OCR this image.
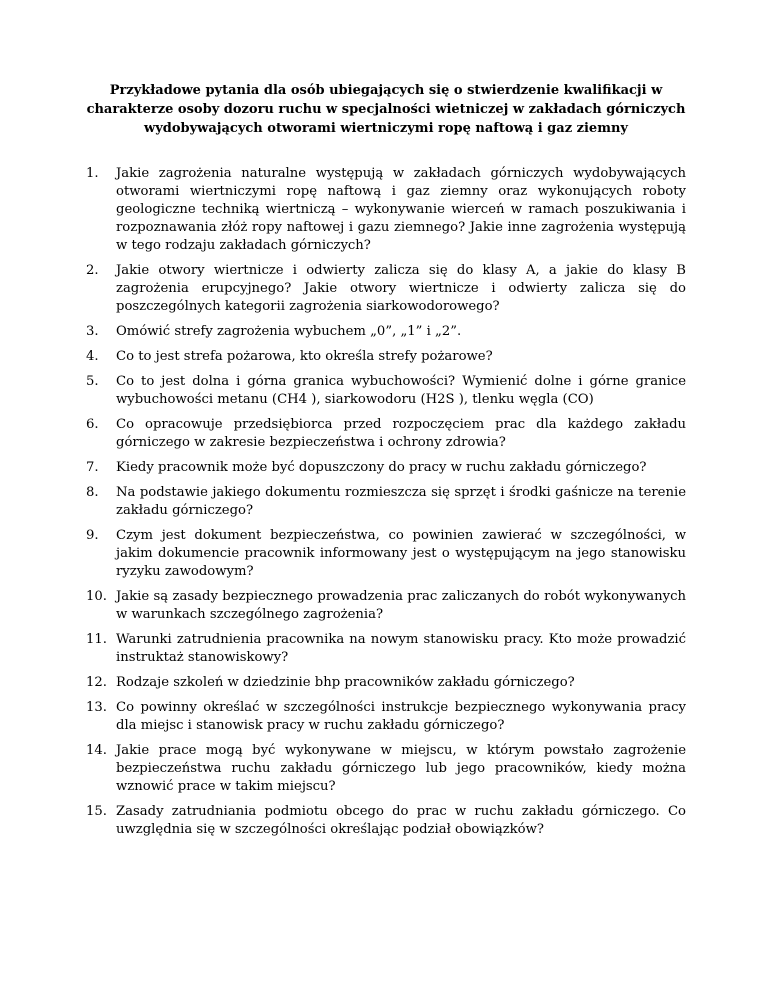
Przykładowe pytania dla osób ubiegających się o stwierdzenie kwalifikacji w charakterze osoby dozoru ruchu w specjalności wietniczej w zakładach górniczych wydobywających otworami wiertniczymi ropę naftową i gaz ziemny
1. Jakie zagrożenia naturalne występują w zakładach górniczych wydobywających otworami wiertniczymi ropę naftową i gaz ziemny oraz wykonujących roboty geologiczne techniką wiertniczą – wykonywanie wierceń w ramach poszukiwania i rozpoznawania złóż ropy naftowej i gazu ziemnego? Jakie inne zagrożenia występują w tego rodzaju zakładach górniczych?
2. Jakie otwory wiertnicze i odwierty zalicza się do klasy A, a jakie do klasy B zagrożenia erupcyjnego? Jakie otwory wiertnicze i odwierty zalicza się do poszczególnych kategorii zagrożenia siarkowodorowego?
3. Omówić strefy zagrożenia wybuchem „0”, „1” i „2”.
4. Co to jest strefa pożarowa, kto określa strefy pożarowe?
5. Co to jest dolna i górna granica wybuchowości? Wymienić dolne i górne granice wybuchowości metanu (CH4 ), siarkowodoru (H2S ), tlenku węgla (CO)
6. Co opracowuje przedsiębiorca przed rozpoczęciem prac dla każdego zakładu górniczego w zakresie bezpieczeństwa i ochrony zdrowia?
7. Kiedy pracownik może być dopuszczony do pracy w ruchu zakładu górniczego?
8. Na podstawie jakiego dokumentu rozmieszcza się sprzęt i środki gaśnicze na terenie zakładu górniczego?
9. Czym jest dokument bezpieczeństwa, co powinien zawierać w szczególności, w jakim dokumencie pracownik informowany jest o występującym na jego stanowisku ryzyku zawodowym?
10. Jakie są zasady bezpiecznego prowadzenia prac zaliczanych do robót wykonywanych w warunkach szczególnego zagrożenia?
11. Warunki zatrudnienia pracownika na nowym stanowisku pracy. Kto może prowadzić instruktaż stanowiskowy?
12. Rodzaje szkoleń w dziedzinie bhp pracowników zakładu górniczego?
13. Co powinny określać w szczególności instrukcje bezpiecznego wykonywania pracy dla miejsc i stanowisk pracy w ruchu zakładu górniczego?
14. Jakie prace mogą być wykonywane w miejscu, w którym powstało zagrożenie bezpieczeństwa ruchu zakładu górniczego lub jego pracowników, kiedy można wznowić prace w takim miejscu?
15. Zasady zatrudniania podmiotu obcego do prac w ruchu zakładu górniczego. Co uwzględnia się w szczególności określając podział obowiązków?
